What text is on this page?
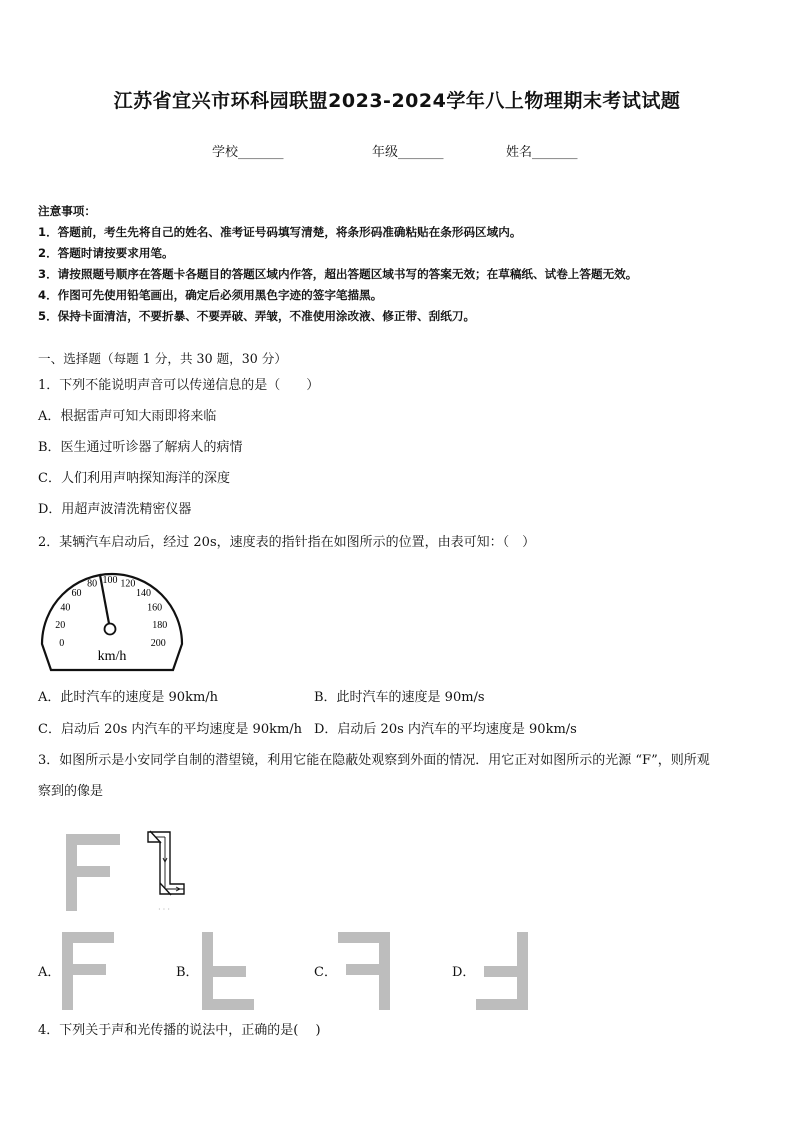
江苏省宜兴市环科园联盟2023-2024学年八上物理期末考试试题
学校_______	年级_______	姓名_______
注意事项：
1．答题前，考生先将自己的姓名、准考证号码填写清楚，将条形码准确粘贴在条形码区域内。
2．答题时请按要求用笔。
3．请按照题号顺序在答题卡各题目的答题区域内作答，超出答题区域书写的答案无效；在草稿纸、试卷上答题无效。
4．作图可先使用铅笔画出，确定后必须用黑色字迹的签字笔描黑。
5．保持卡面清洁，不要折暴、不要弄破、弄皱，不准使用涂改液、修正带、刮纸刀。
一、选择题（每题 1 分，共 30 题，30 分）
1．下列不能说明声音可以传递信息的是（　　）
A．根据雷声可知大雨即将来临
B．医生通过听诊器了解病人的病情
C．人们利用声呐探知海洋的深度
D．用超声波清洗精密仪器
2．某辆汽车启动后，经过 20s，速度表的指针指在如图所示的位置，由表可知：（　）
0
20
40
60
80 100 120
140
160
180
200
km/h
A．此时汽车的速度是 90km/h	B．此时汽车的速度是 90m/s
C．启动后 20s 内汽车的平均速度是 90km/h D．启动后 20s 内汽车的平均速度是 90km/s
3．如图所示是小安同学自制的潜望镜，利用它能在隐蔽处观察到外面的情况．用它正对如图所示的光源 “F”，则所观
察到的像是
· · ·
A．	B．	C．	D．
4．下列关于声和光传播的说法中，正确的是(　 )
